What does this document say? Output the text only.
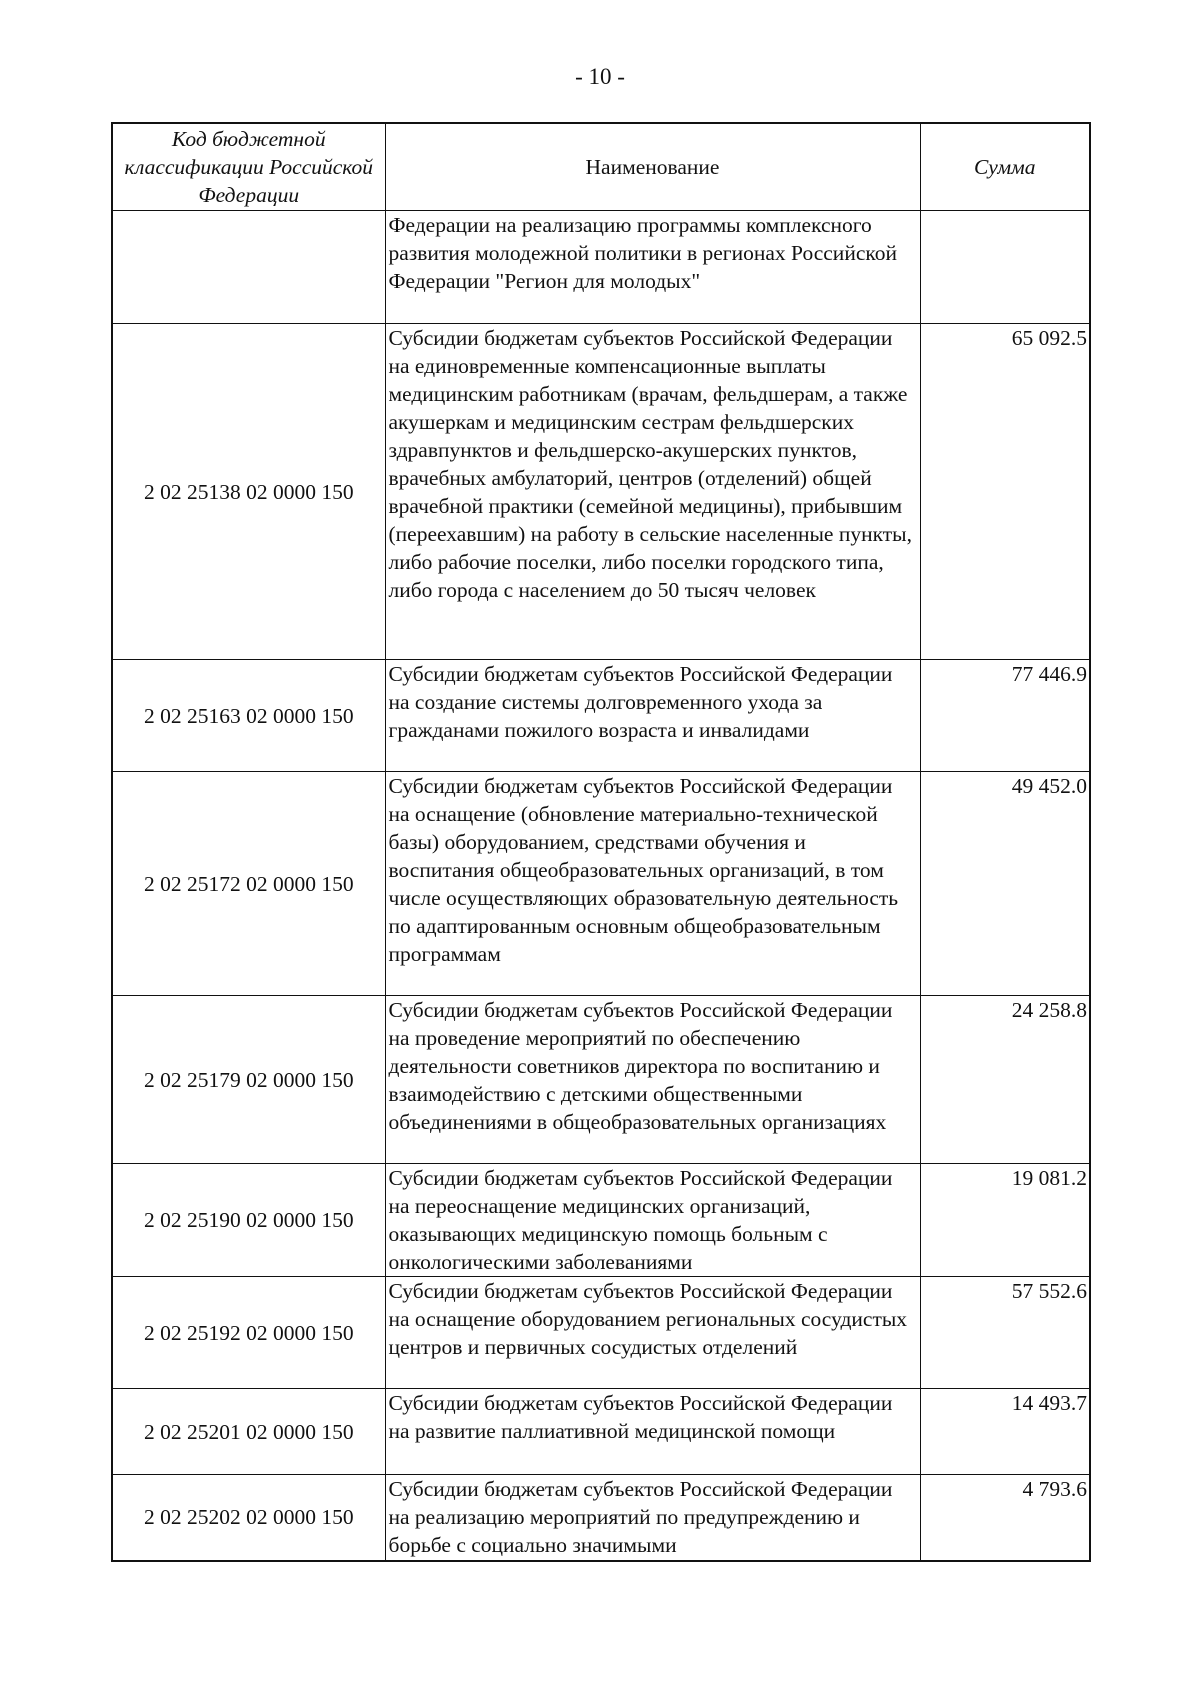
- 10 -
Код бюджетной классификации Российской Федерации	Наименование	Сумма
	Федерации на реализацию программы комплексного развития молодежной политики в регионах Российской Федерации "Регион для молодых"	
2 02 25138 02 0000 150	Субсидии бюджетам субъектов Российской Федерации на единовременные компенсационные выплаты медицинским работникам (врачам, фельдшерам, а также акушеркам и медицинским сестрам фельдшерских здравпунктов и фельдшерско-акушерских пунктов, врачебных амбулаторий, центров (отделений) общей врачебной практики (семейной медицины), прибывшим (переехавшим) на работу в сельские населенные пункты, либо рабочие поселки, либо поселки городского типа, либо города с населением до 50 тысяч человек	65 092.5
2 02 25163 02 0000 150	Субсидии бюджетам субъектов Российской Федерации на создание системы долговременного ухода за гражданами пожилого возраста и инвалидами	77 446.9
2 02 25172 02 0000 150	Субсидии бюджетам субъектов Российской Федерации на оснащение (обновление материально-технической базы) оборудованием, средствами обучения и воспитания общеобразовательных организаций, в том числе осуществляющих образовательную деятельность по адаптированным основным общеобразовательным программам	49 452.0
2 02 25179 02 0000 150	Субсидии бюджетам субъектов Российской Федерации на проведение мероприятий по обеспечению деятельности советников директора по воспитанию и взаимодействию с детскими общественными объединениями в общеобразовательных организациях	24 258.8
2 02 25190 02 0000 150	Субсидии бюджетам субъектов Российской Федерации на переоснащение медицинских организаций, оказывающих медицинскую помощь больным с онкологическими заболеваниями	19 081.2
2 02 25192 02 0000 150	Субсидии бюджетам субъектов Российской Федерации на оснащение оборудованием региональных сосудистых центров и первичных сосудистых отделений	57 552.6
2 02 25201 02 0000 150	Субсидии бюджетам субъектов Российской Федерации на развитие паллиативной медицинской помощи	14 493.7
2 02 25202 02 0000 150	Субсидии бюджетам субъектов Российской Федерации на реализацию мероприятий по предупреждению и борьбе с социально значимыми	4 793.6
